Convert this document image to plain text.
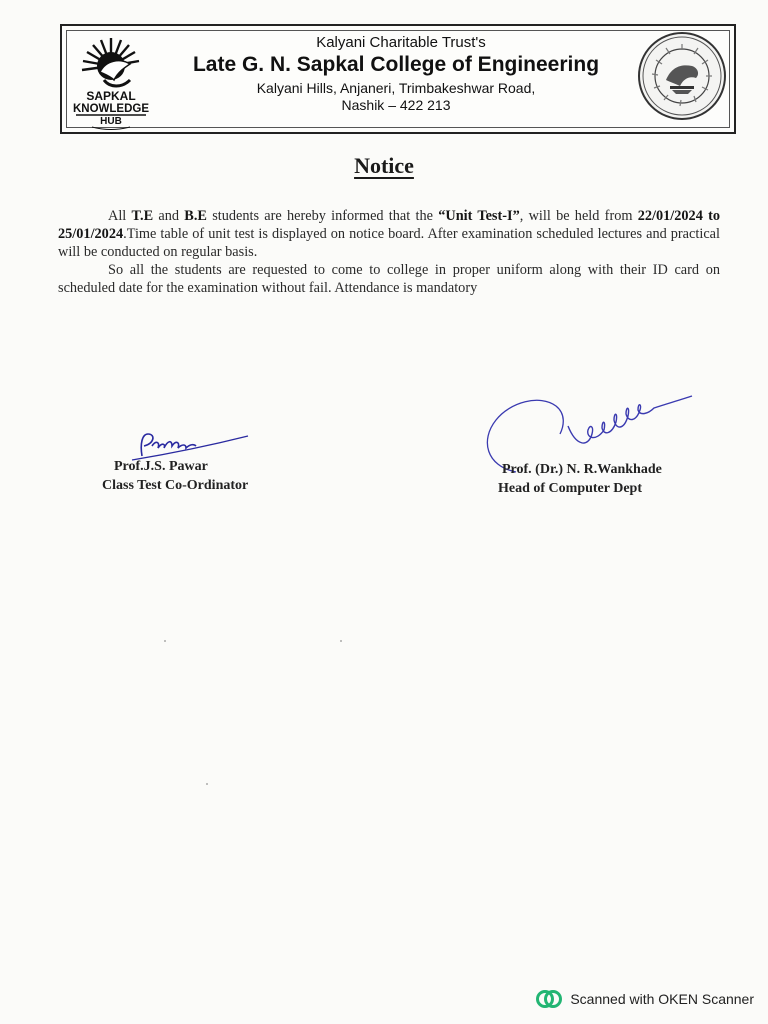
SAPKAL
KNOWLEDGE
HUB
Kalyani Charitable Trust's
Late G. N. Sapkal College of Engineering
Kalyani Hills, Anjaneri, Trimbakeshwar Road,
Nashik – 422 213
Notice

All T.E and B.E students are hereby informed that the “Unit Test-I”, will be held from 22/01/2024 to 25/01/2024.Time table of unit test is displayed on notice board. After examination scheduled lectures and practical will be conducted on regular basis.

So all the students are requested to come to college in proper uniform along with their ID card on scheduled date for the examination without fail. Attendance is mandatory

Prof.J.S. Pawar
Class Test Co-Ordinator
Prof. (Dr.) N. R.Wankhade
Head of Computer Dept
Scanned with OKEN Scanner
